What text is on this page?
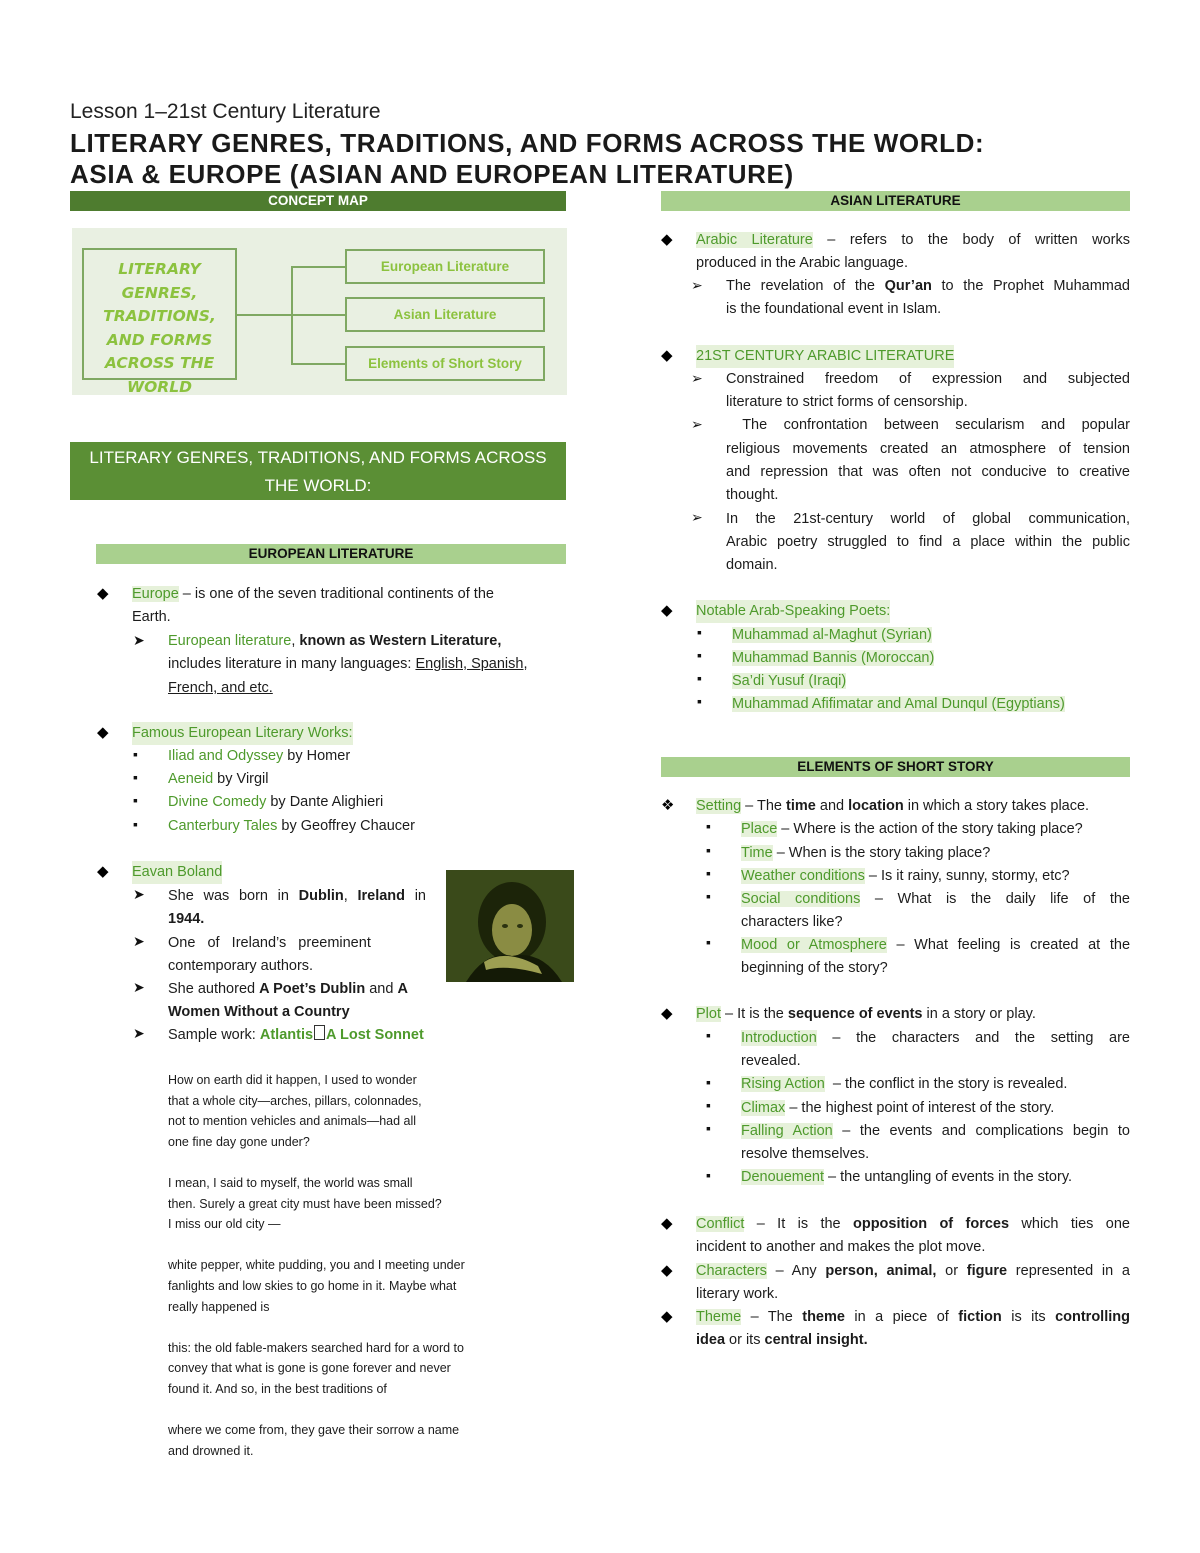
Lesson 1–21st Century Literature
LITERARY GENRES, TRADITIONS, AND FORMS ACROSS THE WORLD:
ASIA & EUROPE (ASIAN AND EUROPEAN LITERATURE)
CONCEPT MAP
LITERARY GENRES,
TRADITIONS,
AND FORMS
ACROSS THE
WORLD
European Literature
Asian Literature
Elements of Short Story
LITERARY GENRES, TRADITIONS, AND FORMS ACROSS
THE WORLD:
EUROPEAN LITERATURE
◆ Europe – is one of the seven traditional continents of the
Earth.
➤ European literature, known as Western Literature,
includes literature in many languages: English, Spanish,
French, and etc.
◆ Famous European Literary Works:
▪ Iliad and Odyssey by Homer
▪ Aeneid by Virgil
▪ Divine Comedy by Dante Alighieri
▪ Canterbury Tales by Geoffrey Chaucer
◆ Eavan Boland
➤ She was born in Dublin, Ireland in
1944.
➤ One   of   Ireland’s   preeminent
contemporary authors.
➤ She authored A Poet’s Dublin and A
Women Without a Country
➤ Sample work: Atlantis A Lost Sonnet
How on earth did it happen, I used to wonder
that a whole city—arches, pillars, colonnades,
not to mention vehicles and animals—had all
one fine day gone under?
I mean, I said to myself, the world was small
then. Surely a great city must have been missed?
I miss our old city —
white pepper, white pudding, you and I meeting under
fanlights and low skies to go home in it. Maybe what
really happened is
this: the old fable-makers searched hard for a word to
convey that what is gone is gone forever and never
found it. And so, in the best traditions of
where we come from, they gave their sorrow a name
and drowned it.
ASIAN LITERATURE
◆ Arabic Literature – refers to the body of written works
produced in the Arabic language.
➢ The revelation of the Qur’an to the Prophet Muhammad
is the foundational event in Islam.
◆ 21ST CENTURY ARABIC LITERATURE
➢ Constrained freedom of expression and subjected
literature to strict forms of censorship.
➢ The confrontation between secularism and popular
religious movements created an atmosphere of tension
and repression that was often not conducive to creative
thought.
➢ In the 21st-century world of global communication,
Arabic poetry struggled to find a place within the public
domain.
◆ Notable Arab-Speaking Poets:
▪ Muhammad al-Maghut (Syrian)
▪ Muhammad Bannis (Moroccan)
▪ Sa’di Yusuf (Iraqi)
▪ Muhammad Afifimatar and Amal Dunqul (Egyptians)
ELEMENTS OF SHORT STORY
❖ Setting – The time and location in which a story takes place.
▪ Place – Where is the action of the story taking place?
▪ Time – When is the story taking place?
▪ Weather conditions – Is it rainy, sunny, stormy, etc?
▪ Social conditions – What is the daily life of the
characters like?
▪ Mood or Atmosphere – What feeling is created at the
beginning of the story?
◆ Plot – It is the sequence of events in a story or play.
▪ Introduction – the characters and the setting are
revealed.
▪ Rising Action  – the conflict in the story is revealed.
▪ Climax – the highest point of interest of the story.
▪ Falling Action – the events and complications begin to
resolve themselves.
▪ Denouement – the untangling of events in the story.
◆ Conflict – It is the opposition of forces which ties one
incident to another and makes the plot move.
◆ Characters – Any person, animal, or figure represented in a
literary work.
◆ Theme – The theme in a piece of fiction is its controlling
idea or its central insight.
